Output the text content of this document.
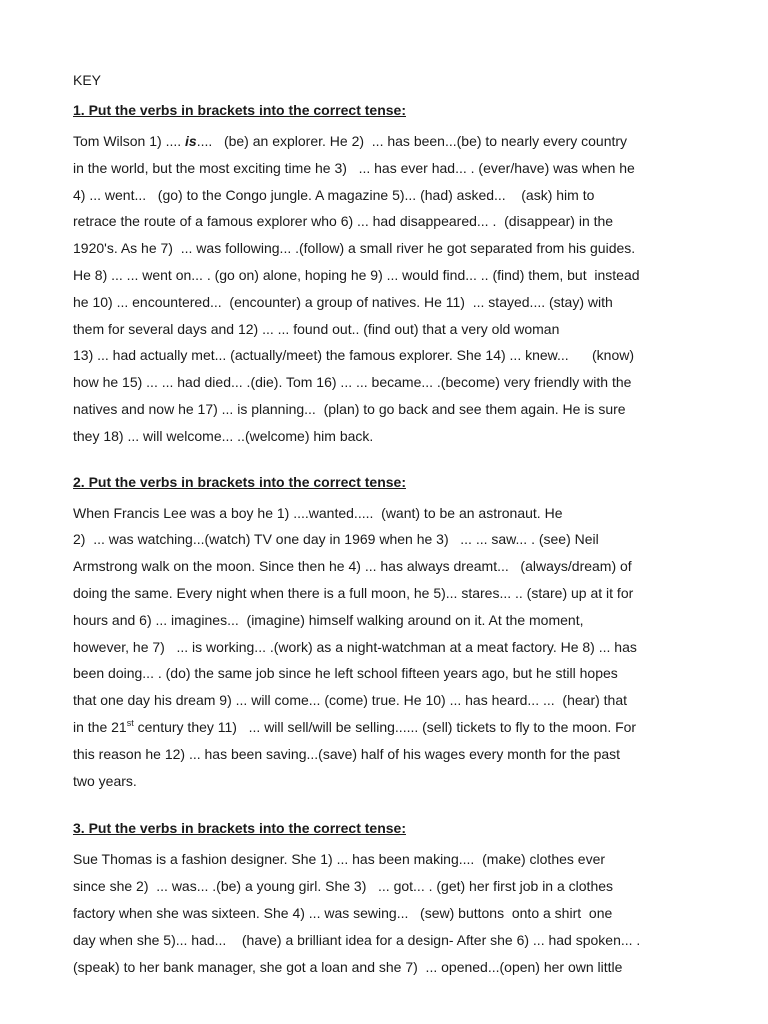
KEY

1. Put the verbs in brackets into the correct tense:

Tom Wilson 1) .... is....   (be) an explorer. He 2)  ... has been...(be) to nearly every country
in the world, but the most exciting time he 3)   ... has ever had... . (ever/have) was when he
4) ... went...   (go) to the Congo jungle. A magazine 5)... (had) asked...    (ask) him to
retrace the route of a famous explorer who 6) ... had disappeared... .  (disappear) in the
1920's. As he 7)  ... was following... .(follow) a small river he got separated from his guides.
He 8) ... ... went on... . (go on) alone, hoping he 9) ... would find... .. (find) them, but  instead
he 10) ... encountered...  (encounter) a group of natives. He 11)  ... stayed.... (stay) with
them for several days and 12) ... ... found out.. (find out) that a very old woman
13) ... had actually met... (actually/meet) the famous explorer. She 14) ... knew...      (know)
how he 15) ... ... had died... .(die). Tom 16) ... ... became... .(become) very friendly with the
natives and now he 17) ... is planning...  (plan) to go back and see them again. He is sure
they 18) ... will welcome... ..(welcome) him back.

2. Put the verbs in brackets into the correct tense:

When Francis Lee was a boy he 1) ....wanted.....  (want) to be an astronaut. He
2)  ... was watching...(watch) TV one day in 1969 when he 3)   ... ... saw... . (see) Neil
Armstrong walk on the moon. Since then he 4) ... has always dreamt...   (always/dream) of
doing the same. Every night when there is a full moon, he 5)... stares... .. (stare) up at it for
hours and 6) ... imagines...  (imagine) himself walking around on it. At the moment,
however, he 7)   ... is working... .(work) as a night-watchman at a meat factory. He 8) ... has
been doing... . (do) the same job since he left school fifteen years ago, but he still hopes
that one day his dream 9) ... will come... (come) true. He 10) ... has heard... ...  (hear) that
in the 21st century they 11)   ... will sell/will be selling...... (sell) tickets to fly to the moon. For
this reason he 12) ... has been saving...(save) half of his wages every month for the past
two years.

3. Put the verbs in brackets into the correct tense:

Sue Thomas is a fashion designer. She 1) ... has been making....  (make) clothes ever
since she 2)  ... was... .(be) a young girl. She 3)   ... got... . (get) her first job in a clothes
factory when she was sixteen. She 4) ... was sewing...   (sew) buttons  onto a shirt  one
day when she 5)... had...    (have) a brilliant idea for a design- After she 6) ... had spoken... .
(speak) to her bank manager, she got a loan and she 7)  ... opened...(open) her own little
